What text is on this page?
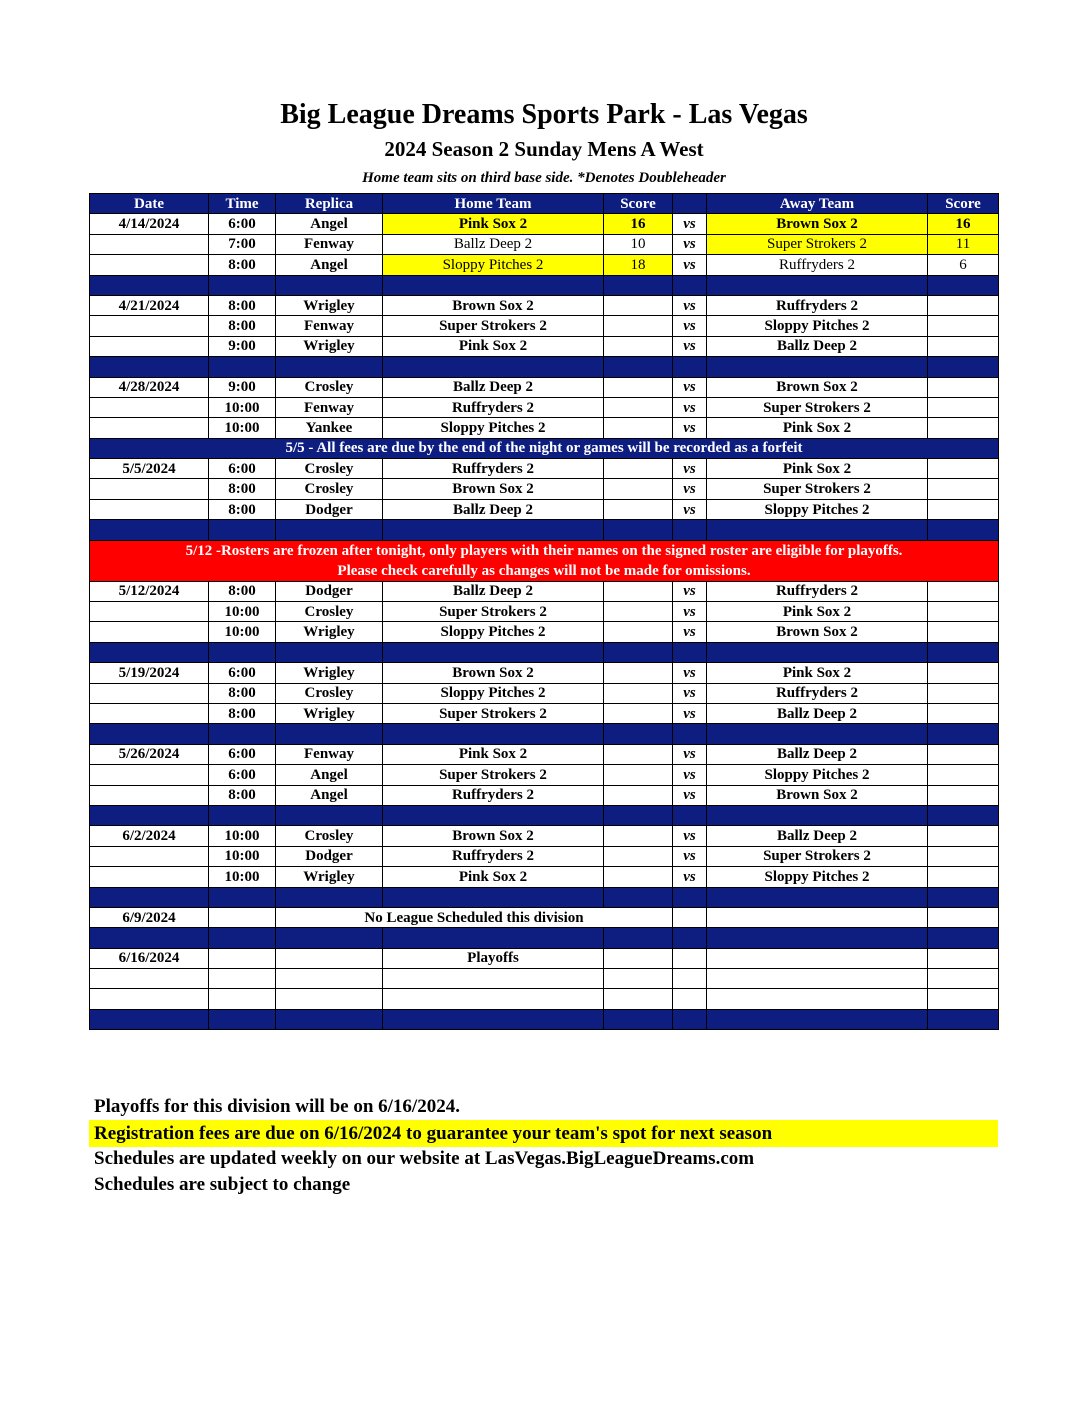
Big League Dreams Sports Park - Las Vegas
2024 Season 2 Sunday Mens A West
Home team sits on third base side. *Denotes Doubleheader
Date	Time	Replica	Home Team	Score		Away Team	Score
4/14/2024	6:00	Angel	Pink Sox 2	16	vs	Brown Sox 2	16
	7:00	Fenway	Ballz Deep 2	10	vs	Super Strokers 2	11
	8:00	Angel	Sloppy Pitches 2	18	vs	Ruffryders 2	6

4/21/2024	8:00	Wrigley	Brown Sox 2		vs	Ruffryders 2	
	8:00	Fenway	Super Strokers 2		vs	Sloppy Pitches 2	
	9:00	Wrigley	Pink Sox 2		vs	Ballz Deep 2	

4/28/2024	9:00	Crosley	Ballz Deep 2		vs	Brown Sox 2	
	10:00	Fenway	Ruffryders 2		vs	Super Strokers 2	
	10:00	Yankee	Sloppy Pitches 2		vs	Pink Sox 2	
5/5 - All fees are due by the end of the night or games will be recorded as a forfeit							
5/5/2024	6:00	Crosley	Ruffryders 2		vs	Pink Sox 2	
	8:00	Crosley	Brown Sox 2		vs	Super Strokers 2	
	8:00	Dodger	Ballz Deep 2		vs	Sloppy Pitches 2	

5/12 -Rosters are frozen after tonight, only players with their names on the signed roster are eligible for playoffs.
Please check carefully as changes will not be made for omissions.							

5/12/2024	8:00	Dodger	Ballz Deep 2		vs	Ruffryders 2	
	10:00	Crosley	Super Strokers 2		vs	Pink Sox 2	
	10:00	Wrigley	Sloppy Pitches 2		vs	Brown Sox 2	

5/19/2024	6:00	Wrigley	Brown Sox 2		vs	Pink Sox 2	
	8:00	Crosley	Sloppy Pitches 2		vs	Ruffryders 2	
	8:00	Wrigley	Super Strokers 2		vs	Ballz Deep 2	

5/26/2024	6:00	Fenway	Pink Sox 2		vs	Ballz Deep 2	
	6:00	Angel	Super Strokers 2		vs	Sloppy Pitches 2	
	8:00	Angel	Ruffryders 2		vs	Brown Sox 2	

6/2/2024	10:00	Crosley	Brown Sox 2		vs	Ballz Deep 2	
	10:00	Dodger	Ruffryders 2		vs	Super Strokers 2	
	10:00	Wrigley	Pink Sox 2		vs	Sloppy Pitches 2	

6/9/2024		No League Scheduled this division					

6/16/2024			Playoffs				

Playoffs for this division will be on 6/16/2024.
Registration fees are due on 6/16/2024 to guarantee your team's spot for next season
Schedules are updated weekly on our website at LasVegas.BigLeagueDreams.com
Schedules are subject to change
